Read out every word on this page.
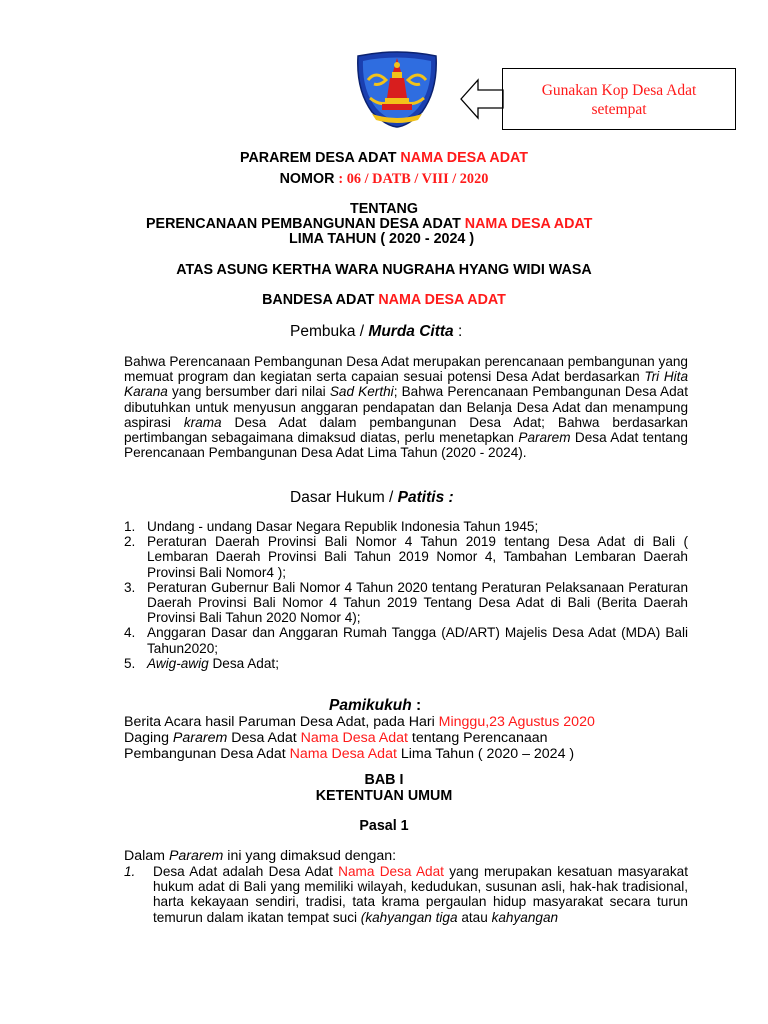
Gunakan Kop Desa Adat
setempat
PARAREM DESA ADAT NAMA DESA ADAT
NOMOR : 06 / DATB / VIII / 2020
TENTANG
PERENCANAAN PEMBANGUNAN DESA ADAT NAMA DESA ADAT
LIMA TAHUN ( 2020 - 2024 )
ATAS ASUNG KERTHA WARA NUGRAHA HYANG WIDI WASA
BANDESA ADAT NAMA DESA ADAT
Pembuka / Murda Citta :
Bahwa Perencanaan Pembangunan Desa Adat merupakan perencanaan pembangunan yang memuat program dan kegiatan serta capaian sesuai potensi Desa Adat berdasarkan Tri Hita Karana yang bersumber dari nilai Sad Kerthi; Bahwa Perencanaan Pembangunan Desa Adat dibutuhkan untuk menyusun anggaran pendapatan dan Belanja Desa Adat dan menampung aspirasi krama Desa Adat dalam pembangunan Desa Adat; Bahwa berdasarkan pertimbangan sebagaimana dimaksud diatas, perlu menetapkan Pararem Desa Adat tentang Perencanaan Pembangunan Desa Adat Lima Tahun (2020 - 2024).
Dasar Hukum / Patitis :
1. Undang - undang Dasar Negara Republik Indonesia Tahun 1945;
2. Peraturan Daerah Provinsi Bali Nomor 4 Tahun 2019 tentang Desa Adat di Bali ( Lembaran Daerah Provinsi Bali Tahun 2019 Nomor 4, Tambahan Lembaran Daerah Provinsi Bali Nomor4 );
3. Peraturan Gubernur Bali Nomor 4 Tahun 2020 tentang Peraturan Pelaksanaan Peraturan Daerah Provinsi Bali Nomor 4 Tahun 2019 Tentang Desa Adat di Bali (Berita Daerah Provinsi Bali Tahun 2020 Nomor 4);
4. Anggaran Dasar dan Anggaran Rumah Tangga (AD/ART) Majelis Desa Adat (MDA) Bali Tahun2020;
5. Awig-awig Desa Adat;
Pamikukuh :
Berita Acara hasil Paruman Desa Adat, pada Hari Minggu,23 Agustus 2020
Daging Pararem Desa Adat Nama Desa Adat tentang Perencanaan
Pembangunan Desa Adat Nama Desa Adat Lima Tahun ( 2020 – 2024 )
BAB I
KETENTUAN UMUM
Pasal 1
Dalam Pararem ini yang dimaksud dengan:
1. Desa Adat adalah Desa Adat Nama Desa Adat yang merupakan kesatuan masyarakat hukum adat di Bali yang memiliki wilayah, kedudukan, susunan asli, hak-hak tradisional, harta kekayaan sendiri, tradisi, tata krama pergaulan hidup masyarakat secara turun temurun dalam ikatan tempat suci (kahyangan tiga atau kahyangan
